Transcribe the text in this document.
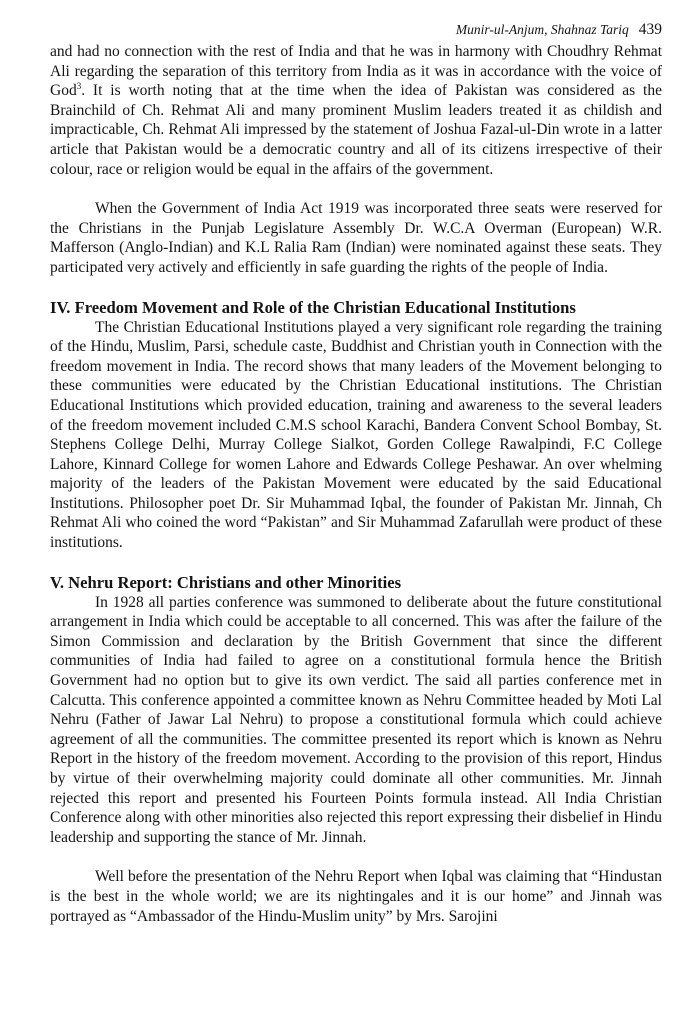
Munir-ul-Anjum, Shahnaz Tariq 439

and had no connection with the rest of India and that he was in harmony with Choudhry Rehmat Ali regarding the separation of this territory from India as it was in accordance with the voice of God$^3$. It is worth noting that at the time when the idea of Pakistan was considered as the Brainchild of Ch. Rehmat Ali and many prominent Muslim leaders treated it as childish and impracticable, Ch. Rehmat Ali impressed by the statement of Joshua Fazal-ul-Din wrote in a latter article that Pakistan would be a democratic country and all of its citizens irrespective of their colour, race or religion would be equal in the affairs of the government.

When the Government of India Act 1919 was incorporated three seats were reserved for the Christians in the Punjab Legislature Assembly Dr. W.C.A Overman (European) W.R. Mafferson (Anglo-Indian) and K.L Ralia Ram (Indian) were nominated against these seats. They participated very actively and efficiently in safe guarding the rights of the people of India.

IV. Freedom Movement and Role of the Christian Educational Institutions

The Christian Educational Institutions played a very significant role regarding the training of the Hindu, Muslim, Parsi, schedule caste, Buddhist and Christian youth in Connection with the freedom movement in India. The record shows that many leaders of the Movement belonging to these communities were educated by the Christian Educational institutions. The Christian Educational Institutions which provided education, training and awareness to the several leaders of the freedom movement included C.M.S school Karachi, Bandera Convent School Bombay, St. Stephens College Delhi, Murray College Sialkot, Gorden College Rawalpindi, F.C College Lahore, Kinnard College for women Lahore and Edwards College Peshawar. An over whelming majority of the leaders of the Pakistan Movement were educated by the said Educational Institutions. Philosopher poet Dr. Sir Muhammad Iqbal, the founder of Pakistan Mr. Jinnah, Ch Rehmat Ali who coined the word “Pakistan” and Sir Muhammad Zafarullah were product of these institutions.

V. Nehru Report: Christians and other Minorities

In 1928 all parties conference was summoned to deliberate about the future constitutional arrangement in India which could be acceptable to all concerned. This was after the failure of the Simon Commission and declaration by the British Government that since the different communities of India had failed to agree on a constitutional formula hence the British Government had no option but to give its own verdict. The said all parties conference met in Calcutta. This conference appointed a committee known as Nehru Committee headed by Moti Lal Nehru (Father of Jawar Lal Nehru) to propose a constitutional formula which could achieve agreement of all the communities. The committee presented its report which is known as Nehru Report in the history of the freedom movement. According to the provision of this report, Hindus by virtue of their overwhelming majority could dominate all other communities. Mr. Jinnah rejected this report and presented his Fourteen Points formula instead. All India Christian Conference along with other minorities also rejected this report expressing their disbelief in Hindu leadership and supporting the stance of Mr. Jinnah.

Well before the presentation of the Nehru Report when Iqbal was claiming that “Hindustan is the best in the whole world; we are its nightingales and it is our home” and Jinnah was portrayed as “Ambassador of the Hindu-Muslim unity” by Mrs. Sarojini
